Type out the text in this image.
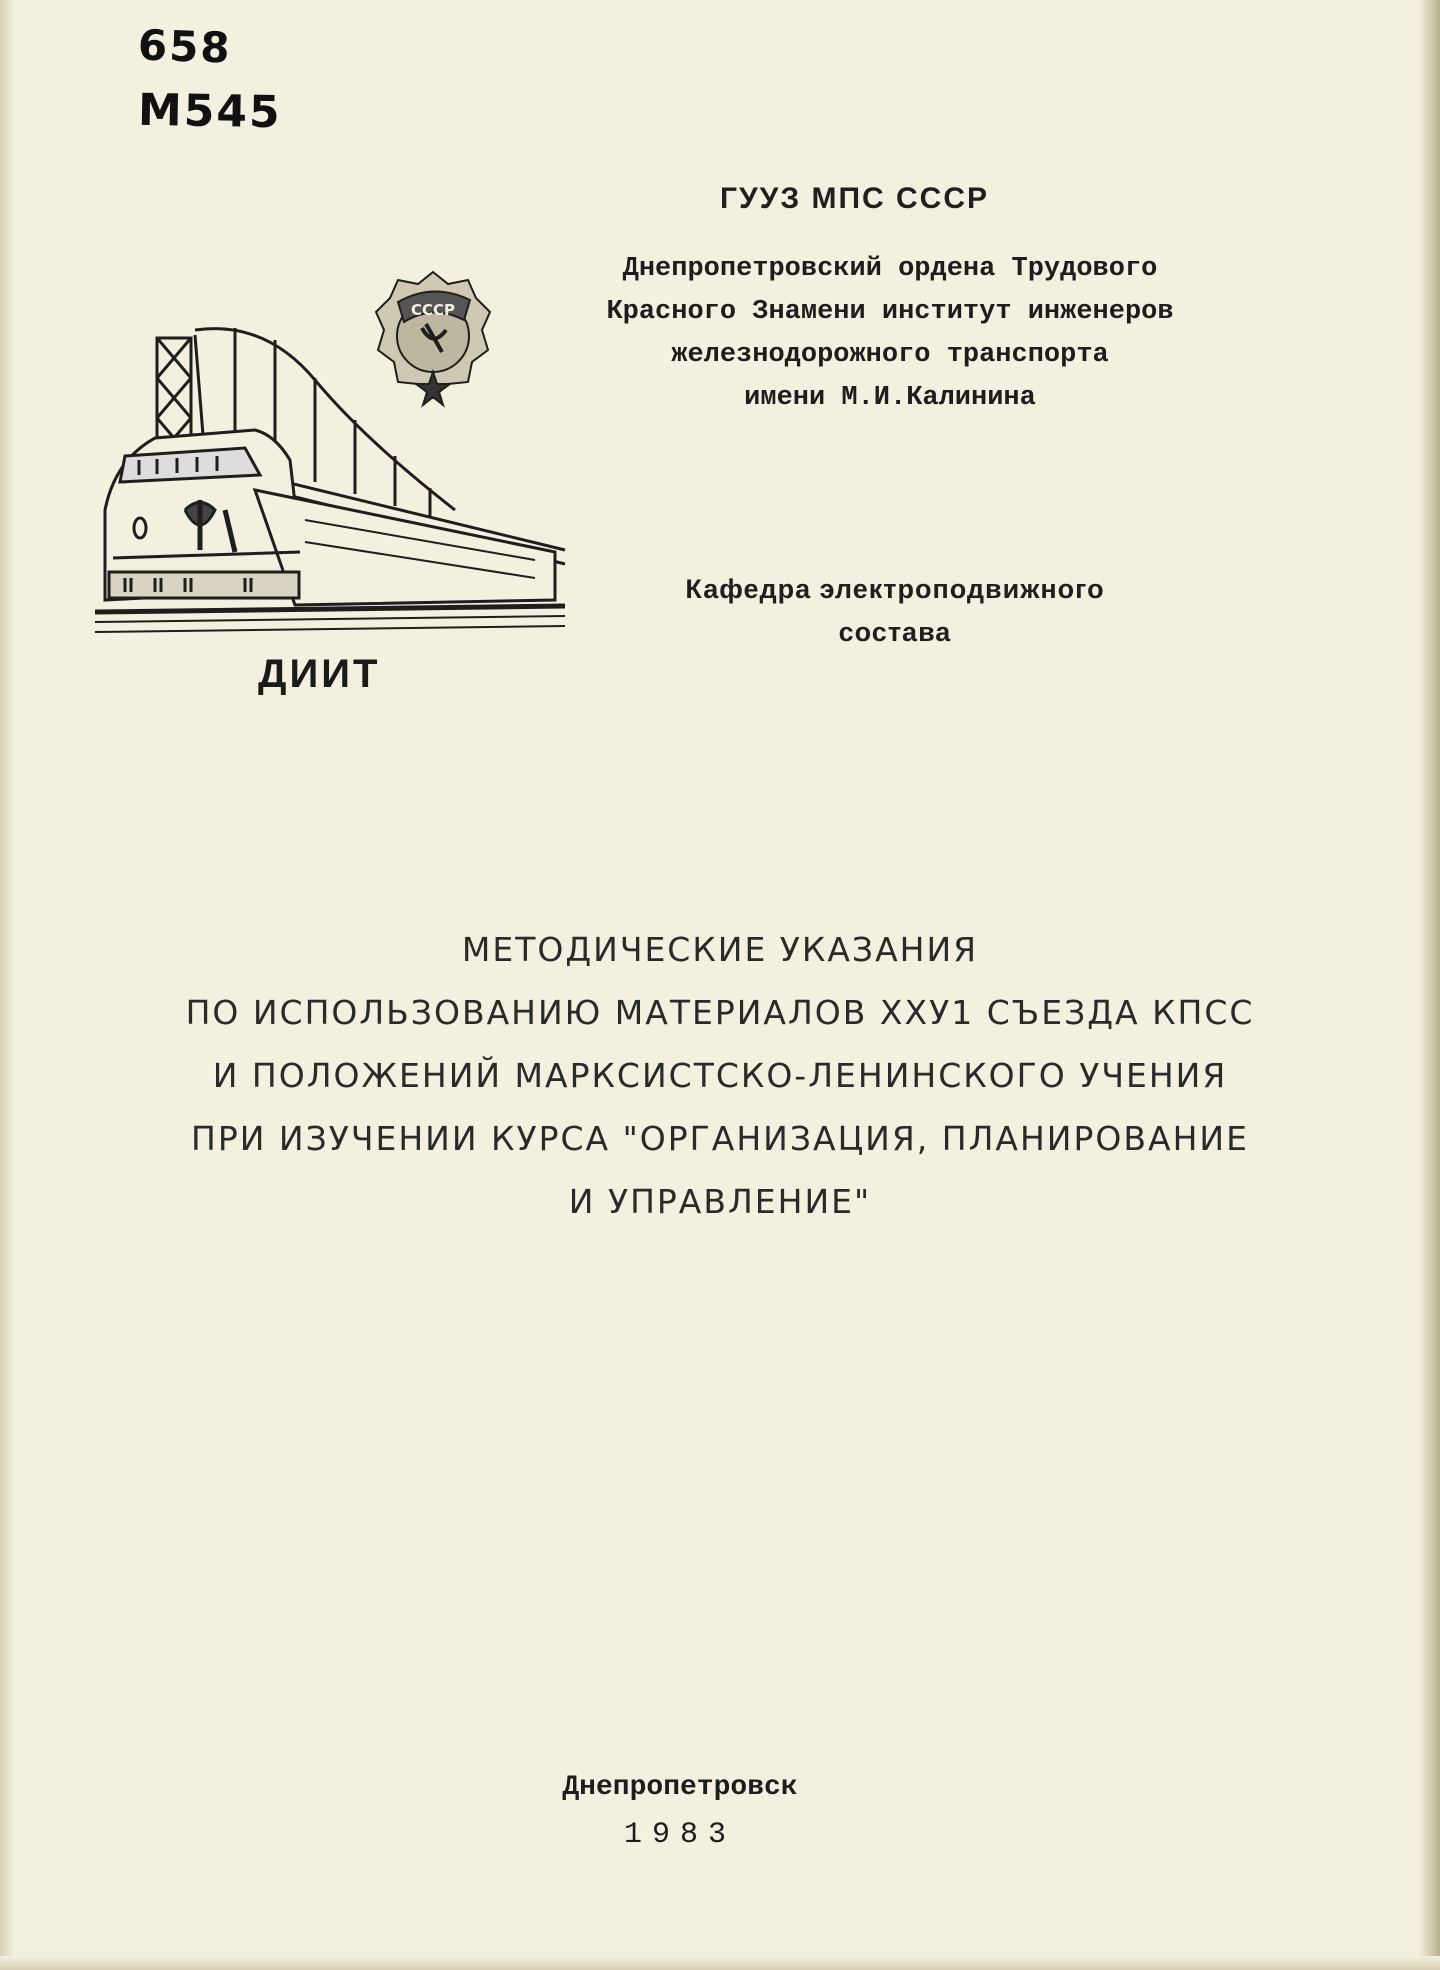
658
M545
ГУУЗ МПС СССР
Днепропетровский ордена Трудового
Красного Знамени институт инженеров
железнодорожного транспорта
имени М.И.Калинина
ДИИТ
СССР
Кафедра электроподвижного
состава
МЕТОДИЧЕСКИЕ УКАЗАНИЯ
ПО ИСПОЛЬЗОВАНИЮ МАТЕРИАЛОВ ХХУ1 СЪЕЗДА КПСС
И ПОЛОЖЕНИЙ МАРКСИСТСКО-ЛЕНИНСКОГО УЧЕНИЯ
ПРИ ИЗУЧЕНИИ КУРСА "ОРГАНИЗАЦИЯ, ПЛАНИРОВАНИЕ
И УПРАВЛЕНИЕ"
Днепропетровск
1983
